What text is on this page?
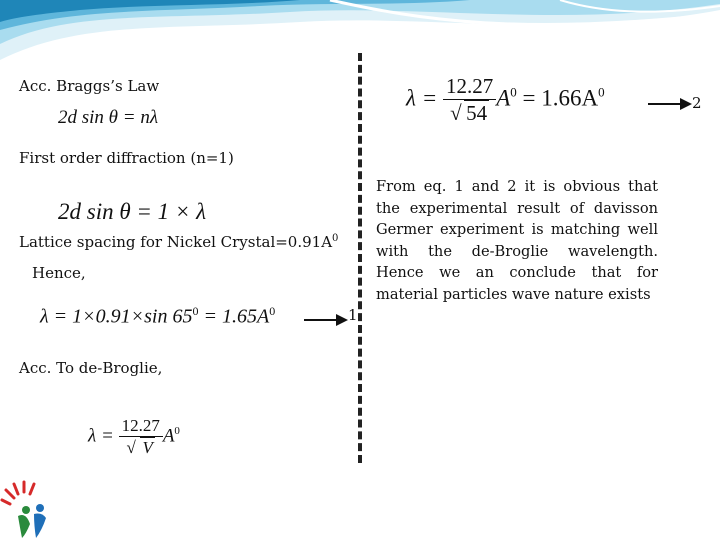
Acc. Braggs’s Law
2d sin θ = nλ
First order diffraction (n=1)
2d sin θ = 1 × λ
Lattice spacing for Nickel $Crystal=0.91A^0$
Hence,
λ = 1×0.91×sin $65^0 = 1.65A^0$	1
Acc. To de-Broglie,
$\lambda = \frac{12.27}{√ V} A^0$
$\lambda = \frac{12.27}{√ 54} A^0 = 1.66A^0$
2
From eq. 1 and 2 it is obvious that the experimental result of davisson Germer experiment is matching well with the de-Broglie wavelength. Hence we an conclude that for material particles wave nature exists
